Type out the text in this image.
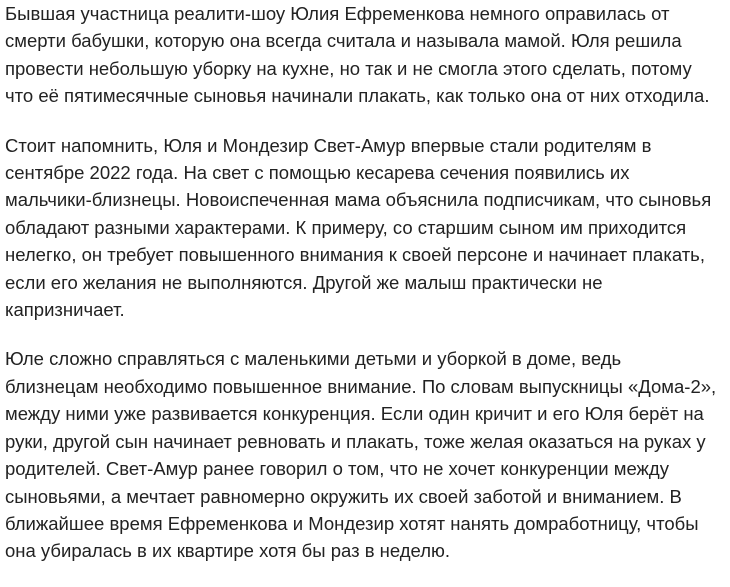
Бывшая участница реалити-шоу Юлия Ефременкова немного оправилась от
смерти бабушки, которую она всегда считала и называла мамой. Юля решила
провести небольшую уборку на кухне, но так и не смогла этого сделать, потому
что её пятимесячные сыновья начинали плакать, как только она от них отходила.

Стоит напомнить, Юля и Мондезир Свет-Амур впервые стали родителям в
сентябре 2022 года. На свет с помощью кесарева сечения появились их
мальчики-близнецы. Новоиспеченная мама объяснила подписчикам, что сыновья
обладают разными характерами. К примеру, со старшим сыном им приходится
нелегко, он требует повышенного внимания к своей персоне и начинает плакать,
если его желания не выполняются. Другой же малыш практически не
капризничает.

Юле сложно справляться с маленькими детьми и уборкой в доме, ведь
близнецам необходимо повышенное внимание. По словам выпускницы «Дома-2»,
между ними уже развивается конкуренция. Если один кричит и его Юля берёт на
руки, другой сын начинает ревновать и плакать, тоже желая оказаться на руках у
родителей. Свет-Амур ранее говорил о том, что не хочет конкуренции между
сыновьями, а мечтает равномерно окружить их своей заботой и вниманием. В
ближайшее время Ефременкова и Мондезир хотят нанять домработницу, чтобы
она убиралась в их квартире хотя бы раз в неделю.
